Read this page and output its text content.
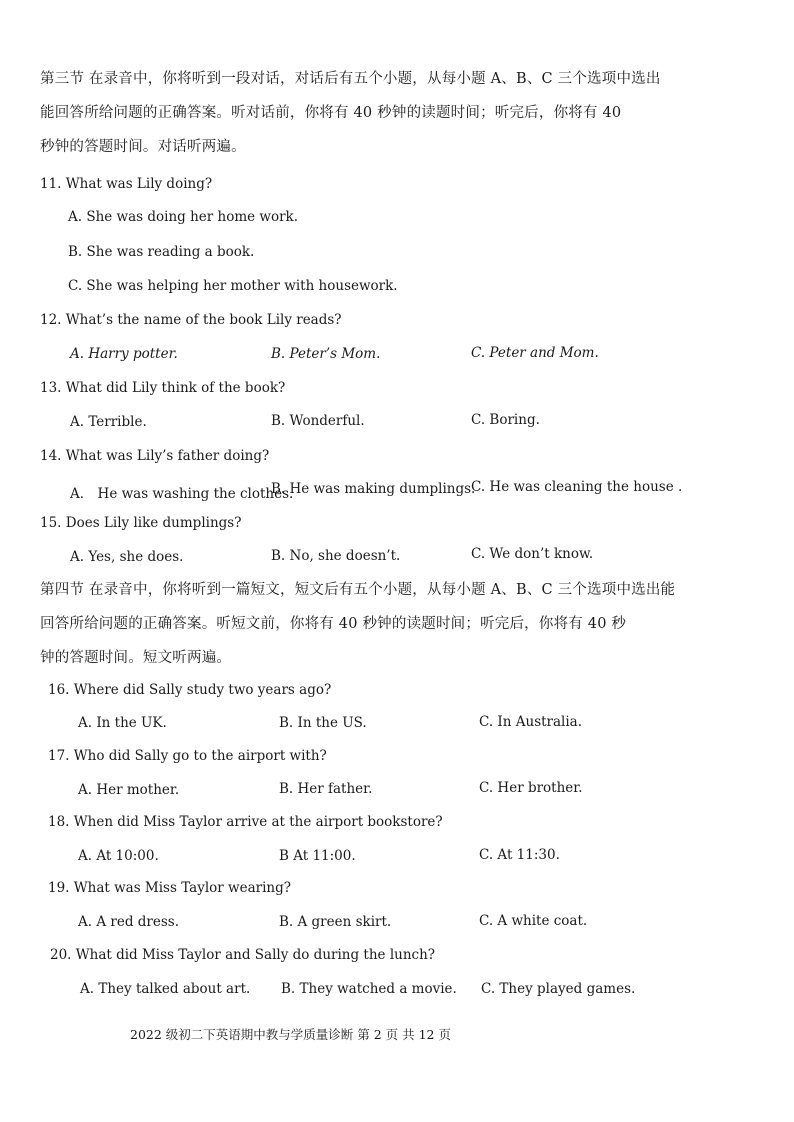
第三节 在录音中，你将听到一段对话，对话后有五个小题，从每小题 A、B、C 三个选项中选出
能回答所给问题的正确答案。听对话前，你将有 40 秒钟的读题时间；听完后，你将有 40
秒钟的答题时间。对话听两遍。
11. What was Lily doing?
A. She was doing her home work.
B. She was reading a book.
C. She was helping her mother with housework.
12. What’s the name of the book Lily reads?
A. Harry potter.	B. Peter’s Mom.	C. Peter and Mom.
13. What did Lily think of the book?
A. Terrible.	B. Wonderful.	C. Boring.
14. What was Lily’s father doing?
A． He was washing the clothes.
B. He was making dumplings.
C. He was cleaning the house .
15. Does Lily like dumplings?
A. Yes, she does.	B. No, she doesn’t.	C. We don’t know.
第四节 在录音中，你将听到一篇短文，短文后有五个小题，从每小题 A、B、C 三个选项中选出能
回答所给问题的正确答案。听短文前，你将有 40 秒钟的读题时间；听完后，你将有 40 秒
钟的答题时间。短文听两遍。
16. Where did Sally study two years ago?
A. In the UK.	B. In the US.	C. In Australia.
17. Who did Sally go to the airport with?
A. Her mother.	B. Her father.	C. Her brother.
18. When did Miss Taylor arrive at the airport bookstore?
A. At 10:00.	B At 11:00.	C. At 11:30.
19. What was Miss Taylor wearing?
A. A red dress.	B. A green skirt.	C. A white coat.
20. What did Miss Taylor and Sally do during the lunch?
A. They talked about art. B. They watched a movie. C. They played games.
2022 级初二下英语期中教与学质量诊断 第 2 页 共 12 页
